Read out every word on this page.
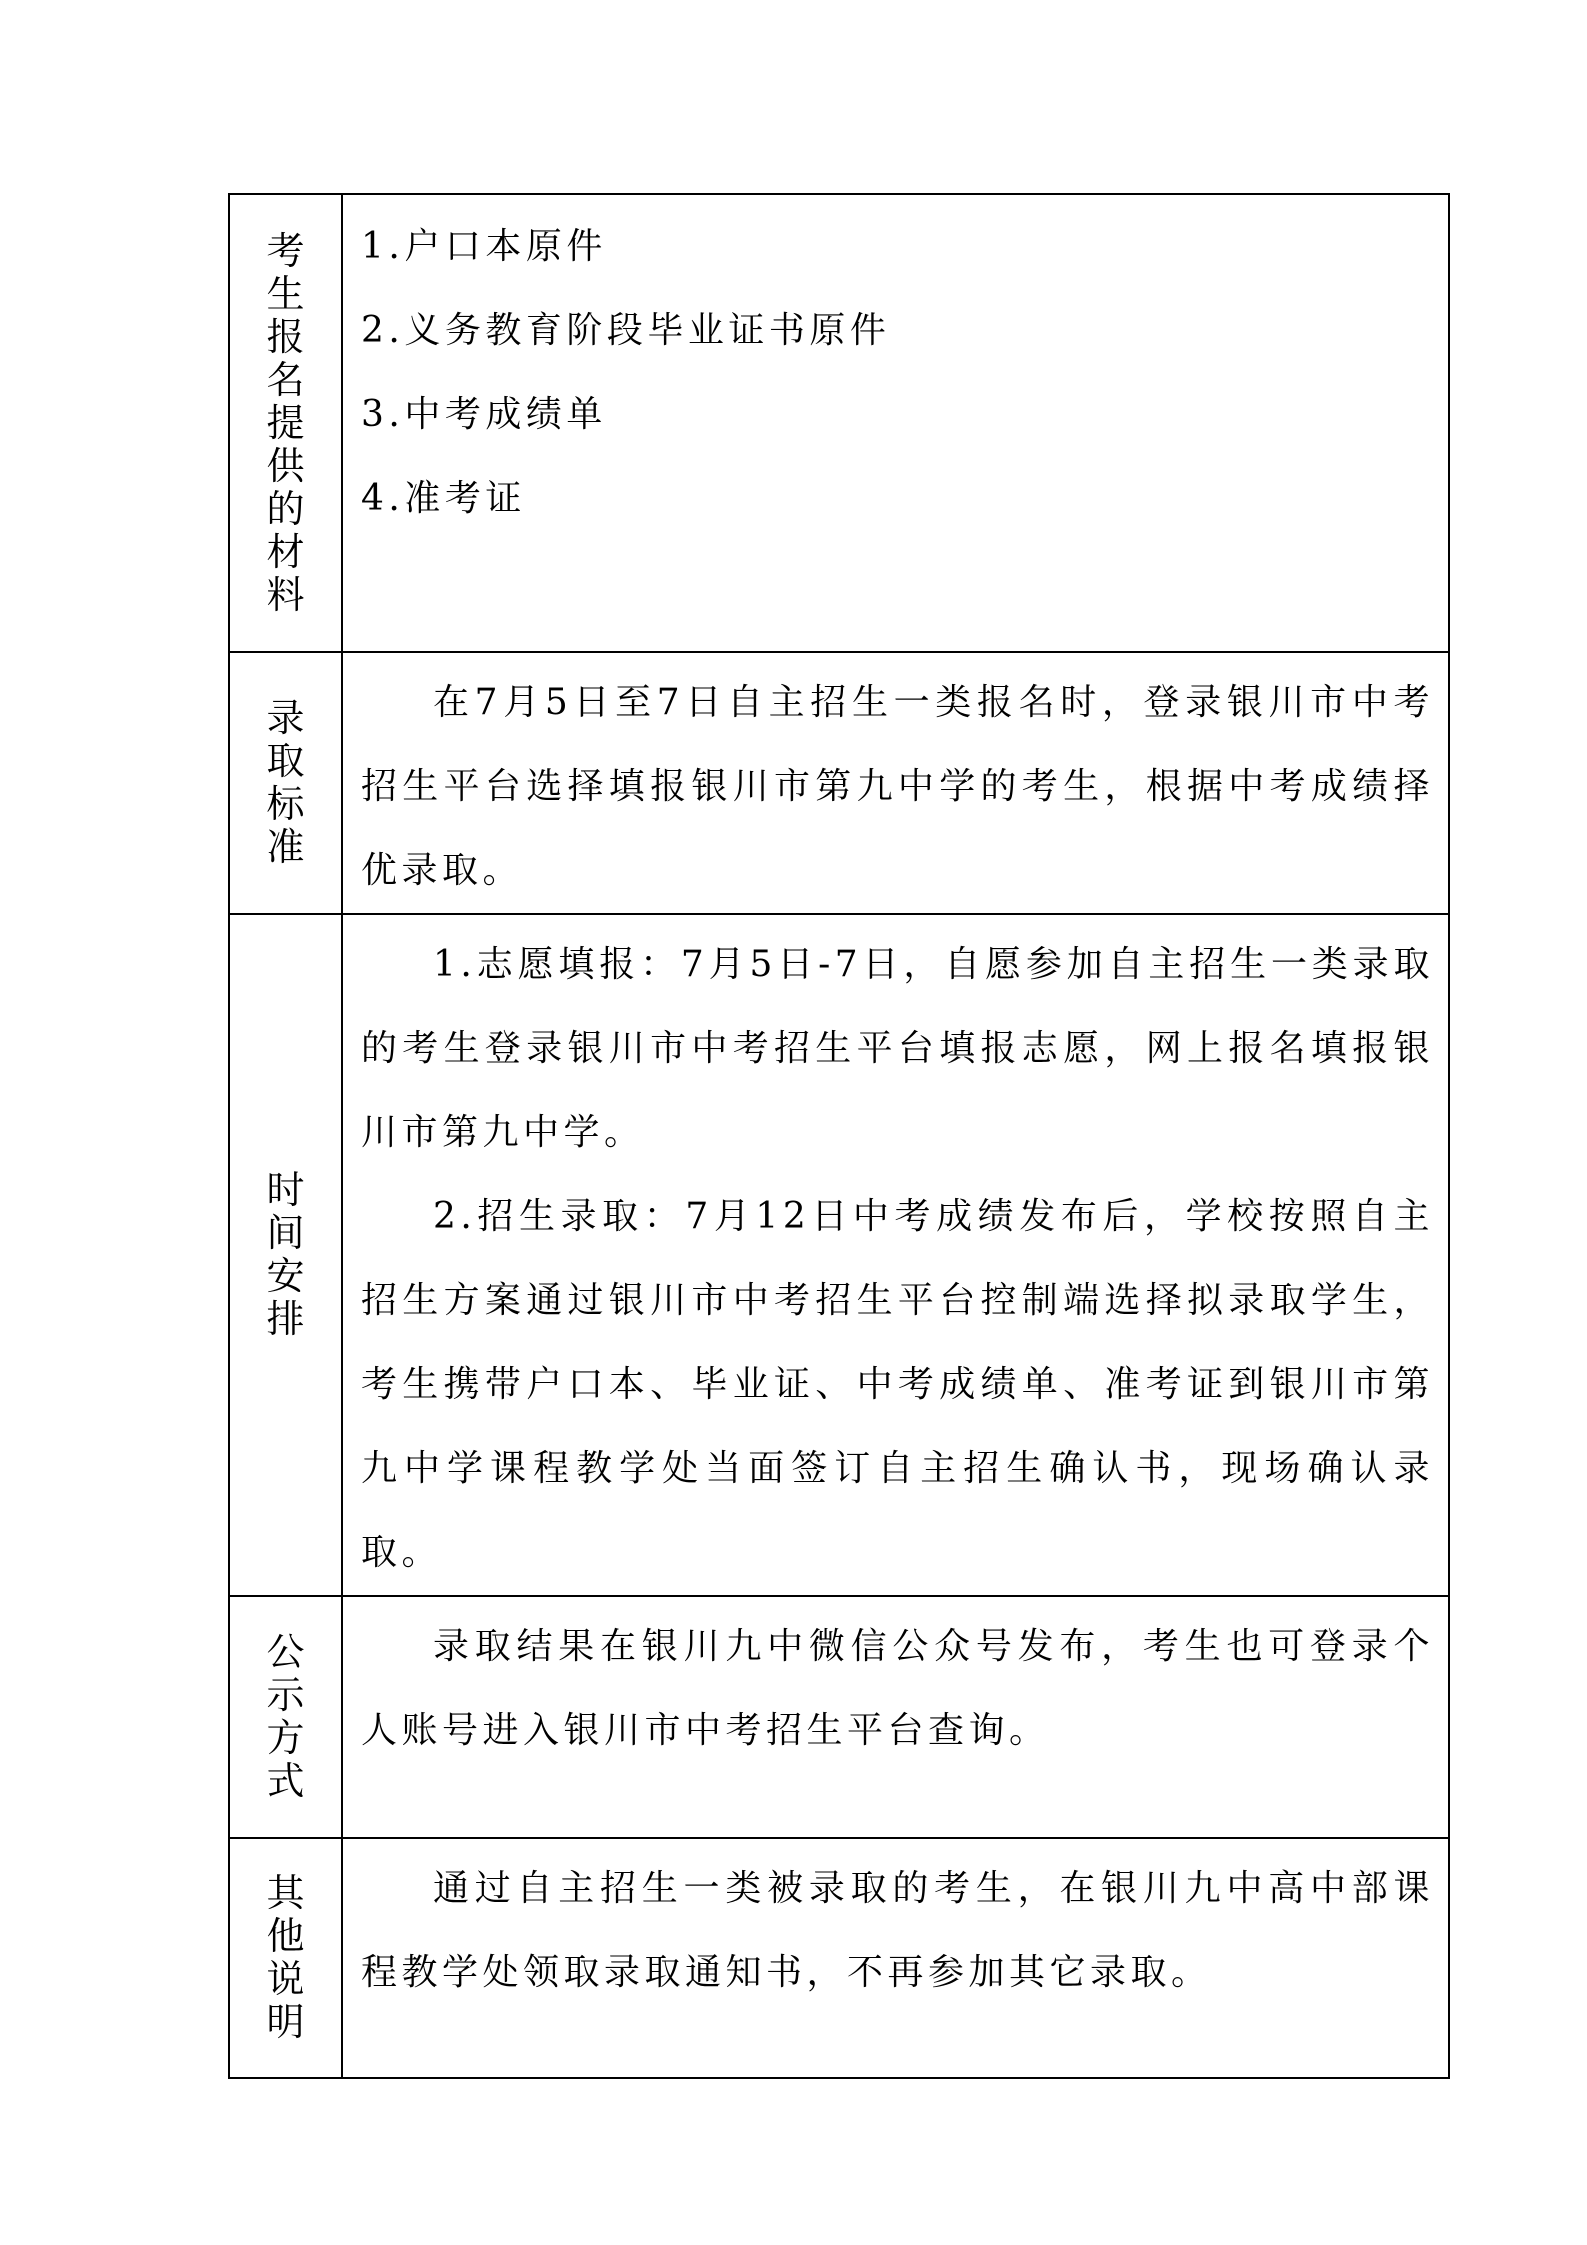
考生报名提供的材料	1.户口本原件
2.义务教育阶段毕业证书原件
3.中考成绩单
4.准考证

录取标准	在7月5日至7日自主招生一类报名时，登录银川市中考招生平台选择填报银川市第九中学的考生，根据中考成绩择优录取。

时间安排	1.志愿填报：7月5日-7日，自愿参加自主招生一类录取的考生登录银川市中考招生平台填报志愿，网上报名填报银川市第九中学。

2.招生录取：7月12日中考成绩发布后，学校按照自主招生方案通过银川市中考招生平台控制端选择拟录取学生，考生携带户口本、毕业证、中考成绩单、准考证到银川市第九中学课程教学处当面签订自主招生确认书，现场确认录取。

公示方式	录取结果在银川九中微信公众号发布，考生也可登录个人账号进入银川市中考招生平台查询。

其他说明	通过自主招生一类被录取的考生，在银川九中高中部课程教学处领取录取通知书，不再参加其它录取。
